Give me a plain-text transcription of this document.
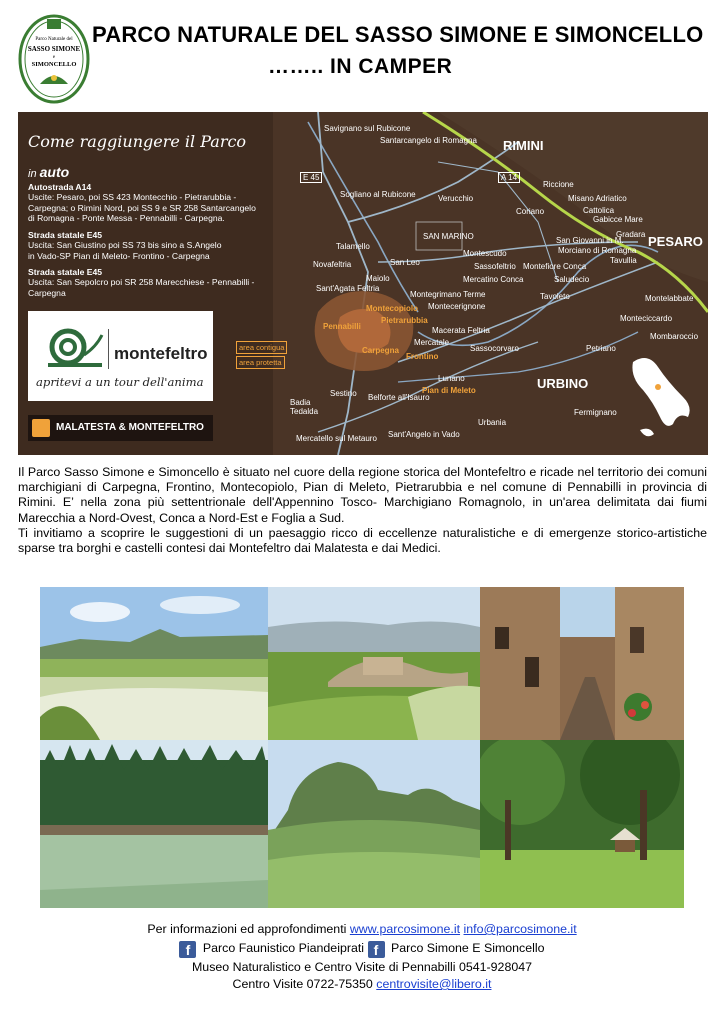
Parco Naturale del
SASSO SIMONE
e
SIMONCELLO
PARCO NATURALE DEL SASSO SIMONE E SIMONCELLO
…….. IN CAMPER
Come raggiungere il Parco
in auto
Autostrada A14
Uscite: Pesaro, poi SS 423 Montecchio - Pietrarubbia -
Carpegna; o Rimini Nord, poi SS 9 e SR 258 Santarcangelo
di Romagna - Ponte Messa - Pennabilli - Carpegna.
Strada statale E45
Uscita: San Giustino poi SS 73 bis sino a S.Angelo
in Vado-SP Pian di Meleto- Frontino - Carpegna
Strada statale E45
Uscita: San Sepolcro poi SR 258 Marecchiese - Pennabilli -
Carpegna
montefeltro
apritevi a un tour dell'anima
MALATESTA & MONTEFELTRO
area contigua
area protetta
E 45	A 14
Savignano sul Rubicone
Santarcangelo di Romagna RIMINI
Sogliano al Rubicone	Verucchio
Riccione
Misano Adriatico
Coriano	Cattolica
Gabicce Mare
SAN MARINO
Talamello
Novafeltria	San Leo
Montescudo
San Giovanni in M.
Morciano di Romagna
Gradara
Tavullia
PESARO
Maiolo
Sant'Agata Feltria
Sassofeltrio Montefiore Conca
Mercatino Conca	Saludecio
Montegrimano Terme	Tavoleto
Montecerignone
Montelabbate
Monteciccardo
Montecopiolo
Pietrarubbia
Pennabilli	Macerata Feltria
Mombaroccio
Carpegna
Mercatale
Frontino
Sassocorvaro	Petriano
Lunano
Pian di Meleto	URBINO
Sestino Belforte all'Isauro
Badia Tedalda	Fermignano
Urbania
Mercatello sul Metauro Sant'Angelo in Vado

Il Parco Sasso Simone e Simoncello è situato nel cuore della regione storica del Montefeltro e ricade nel territorio dei comuni marchigiani di Carpegna, Frontino, Montecopiolo, Pian di Meleto, Pietrarubbia e nel comune di Pennabilli in provincia di Rimini. E’ nella zona più settentrionale dell'Appennino Tosco- Marchigiano Romagnolo, in un'area delimitata dai fiumi Marecchia a Nord-Ovest, Conca a Nord-Est e Foglia a Sud.

Ti invitiamo a scoprire le suggestioni di un paesaggio ricco di eccellenze naturalistiche e di emergenze storico-artistiche sparse tra borghi e castelli contesi dai Montefeltro dai Malatesta e dai Medici.

Per informazioni ed approfondimenti www.parcosimone.it info@parcosimone.it
f Parco Faunistico Piandeiprati f Parco Simone E Simoncello
Museo Naturalistico e Centro Visite di Pennabilli 0541-928047
Centro Visite 0722-75350 centrovisite@libero.it
